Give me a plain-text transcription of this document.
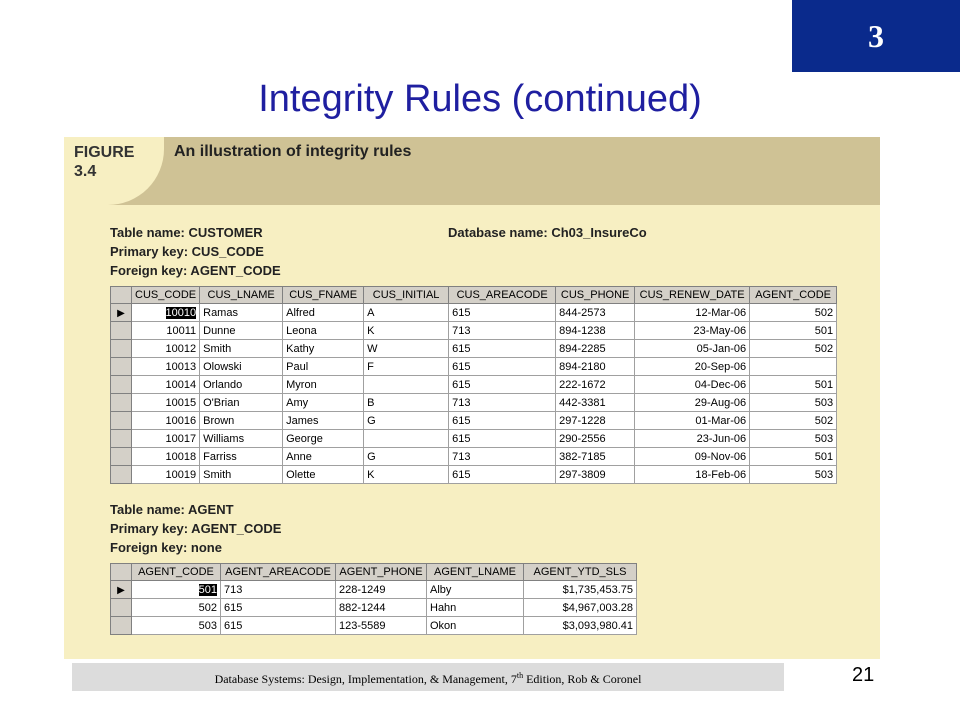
3
Integrity Rules (continued)
FIGURE
3.4
An illustration of integrity rules
Table name: CUSTOMER
Primary key: CUS_CODE
Foreign key: AGENT_CODE
Database name: Ch03_InsureCo
	CUS_CODE	CUS_LNAME	CUS_FNAME	CUS_INITIAL	CUS_AREACODE	CUS_PHONE	CUS_RENEW_DATE	AGENT_CODE
▶	10010	Ramas	Alfred	A	615	844-2573	12-Mar-06	502
	10011	Dunne	Leona	K	713	894-1238	23-May-06	501
	10012	Smith	Kathy	W	615	894-2285	05-Jan-06	502
	10013	Olowski	Paul	F	615	894-2180	20-Sep-06	
	10014	Orlando	Myron		615	222-1672	04-Dec-06	501
	10015	O'Brian	Amy	B	713	442-3381	29-Aug-06	503
	10016	Brown	James	G	615	297-1228	01-Mar-06	502
	10017	Williams	George		615	290-2556	23-Jun-06	503
	10018	Farriss	Anne	G	713	382-7185	09-Nov-06	501
	10019	Smith	Olette	K	615	297-3809	18-Feb-06	503
Table name: AGENT
Primary key: AGENT_CODE
Foreign key: none
	AGENT_CODE	AGENT_AREACODE	AGENT_PHONE	AGENT_LNAME	AGENT_YTD_SLS
▶	501	713	228-1249	Alby	$1,735,453.75
	502	615	882-1244	Hahn	$4,967,003.28
	503	615	123-5589	Okon	$3,093,980.41
Database Systems: Design, Implementation, & Management, 7th Edition, Rob & Coronel	21
